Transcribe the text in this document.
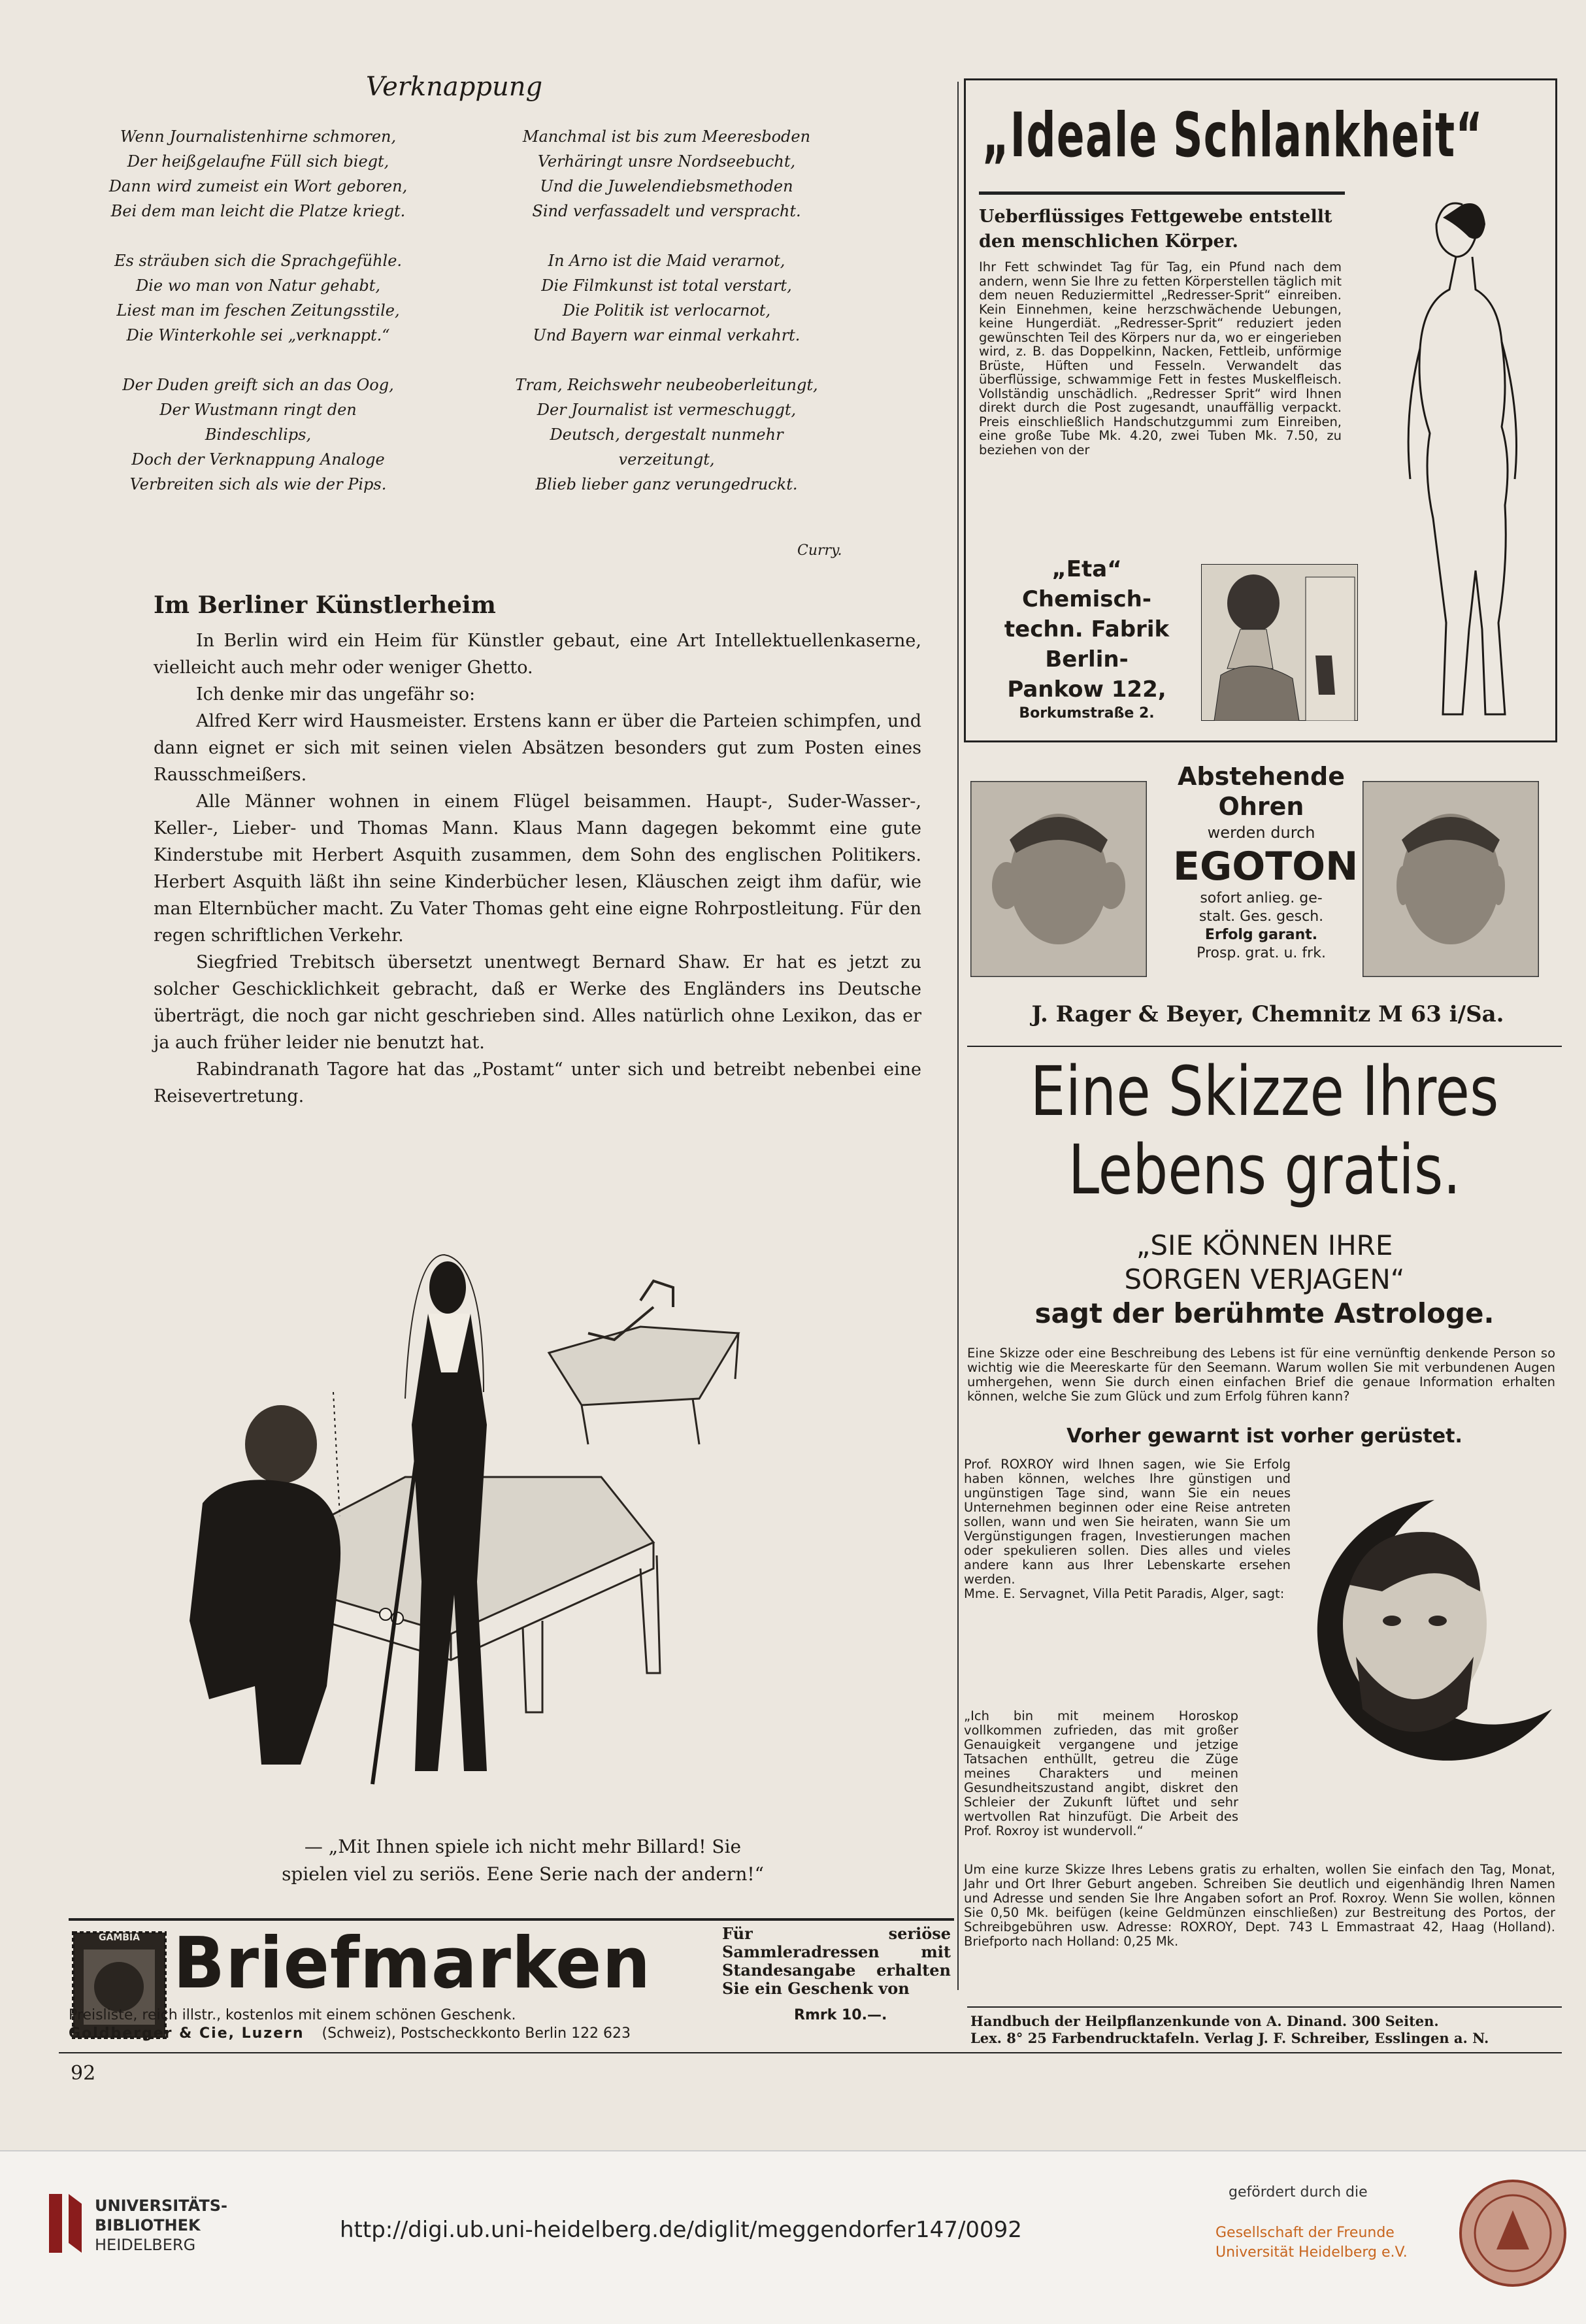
Verknappung
Wenn Journalistenhirne schmoren,
Der heißgelaufne Füll sich biegt,
Dann wird zumeist ein Wort geboren,
Bei dem man leicht die Platze kriegt.
Es sträuben sich die Sprachgefühle.
Die wo man von Natur gehabt,
Liest man im feschen Zeitungsstile,
Die Winterkohle sei „verknappt.“
Der Duden greift sich an das Oog,
Der Wustmann ringt den
Bindeschlips,
Doch der Verknappung Analoge
Verbreiten sich als wie der Pips.
Manchmal ist bis zum Meeresboden
Verhäringt unsre Nordseebucht,
Und die Juwelendiebsmethoden
Sind verfassadelt und verspracht.
In Arno ist die Maid verarnot,
Die Filmkunst ist total verstart,
Die Politik ist verlocarnot,
Und Bayern war einmal verkahrt.
Tram, Reichswehr neubeoberleitungt,
Der Journalist ist vermeschuggt,
Deutsch, dergestalt nunmehr
verzeitungt,
Blieb lieber ganz verungedruckt.
Curry.
Im Berliner Künstlerheim

In Berlin wird ein Heim für Künstler gebaut, eine Art Intellektuellenkaserne, vielleicht auch mehr oder weniger Ghetto.

Ich denke mir das ungefähr so:

Alfred Kerr wird Hausmeister. Erstens kann er über die Parteien schimpfen, und dann eignet er sich mit seinen vielen Absätzen besonders gut zum Posten eines Rausschmeißers.

Alle Männer wohnen in einem Flügel beisammen. Haupt-, Suder-Wasser-, Keller-, Lieber- und Thomas Mann. Klaus Mann dagegen bekommt eine gute Kinderstube mit Herbert Asquith zusammen, dem Sohn des englischen Politikers. Herbert Asquith läßt ihn seine Kinderbücher lesen, Kläuschen zeigt ihm dafür, wie man Elternbücher macht. Zu Vater Thomas geht eine eigne Rohrpostleitung. Für den regen schriftlichen Verkehr.

Siegfried Trebitsch übersetzt unentwegt Bernard Shaw. Er hat es jetzt zu solcher Geschicklichkeit gebracht, daß er Werke des Engländers ins Deutsche überträgt, die noch gar nicht geschrieben sind. Alles natürlich ohne Lexikon, das er ja auch früher leider nie benutzt hat.

Rabindranath Tagore hat das „Postamt“ unter sich und betreibt nebenbei eine Reisevertretung.

— „Mit Ihnen spiele ich nicht mehr Billard! Sie
spielen viel zu seriös. Eene Serie nach der andern!“
„Ideale Schlankheit“
Ueberflüssiges Fettgewebe entstellt den menschlichen Körper.
Ihr Fett schwindet Tag für Tag, ein Pfund nach dem andern, wenn Sie Ihre zu fetten Körperstellen täglich mit dem neuen Reduziermittel „Redresser-Sprit“ einreiben. Kein Einnehmen, keine herzschwächende Uebungen, keine Hungerdiät. „Redresser-Sprit“ reduziert jeden gewünschten Teil des Körpers nur da, wo er eingerieben wird, z. B. das Doppelkinn, Nacken, Fettleib, unförmige Brüste, Hüften und Fesseln. Verwandelt das überflüssige, schwammige Fett in festes Muskelfleisch. Vollständig unschädlich. „Redresser Sprit“ wird Ihnen direkt durch die Post zugesandt, unauffällig verpackt. Preis einschließlich Handschutzgummi zum Einreiben, eine große Tube Mk. 4.20, zwei Tuben Mk. 7.50, zu beziehen von der
„Eta“
Chemisch-
techn. Fabrik
Berlin-
Pankow 122,
Borkumstraße 2.
Abstehende
Ohren
werden durch
EGOTON
sofort anlieg. ge-
stalt. Ges. gesch.
Erfolg garant.
Prosp. grat. u. frk.
J. Rager & Beyer, Chemnitz M 63 i/Sa.
Eine Skizze Ihres
Lebens gratis.
„SIE KÖNNEN IHRE
SORGEN VERJAGEN“
sagt der berühmte Astrologe.
Eine Skizze oder eine Beschreibung des Lebens ist für eine vernünftig denkende Person so wichtig wie die Meereskarte für den Seemann. Warum wollen Sie mit verbundenen Augen umhergehen, wenn Sie durch einen einfachen Brief die genaue Information erhalten können, welche Sie zum Glück und zum Erfolg führen kann?
Vorher gewarnt ist vorher gerüstet.
Prof. ROXROY wird Ihnen sagen, wie Sie Erfolg haben können, welches Ihre günstigen und ungünstigen Tage sind, wann Sie ein neues Unternehmen beginnen oder eine Reise antreten sollen, wann und wen Sie heiraten, wann Sie um Vergünstigungen fragen, Investierungen machen oder spekulieren sollen. Dies alles und vieles andere kann aus Ihrer Lebenskarte ersehen werden.
Mme. E. Servagnet, Villa Petit Paradis, Alger, sagt:
„Ich bin mit meinem Horoskop vollkommen zufrieden, das mit großer Genauigkeit vergangene und jetzige Tatsachen enthüllt, getreu die Züge meines Charakters und meinen Gesundheitszustand angibt, diskret den Schleier der Zukunft lüftet und sehr wertvollen Rat hinzufügt. Die Arbeit des Prof. Roxroy ist wundervoll.“
Um eine kurze Skizze Ihres Lebens gratis zu erhalten, wollen Sie einfach den Tag, Monat, Jahr und Ort Ihrer Geburt angeben. Schreiben Sie deutlich und eigenhändig Ihren Namen und Adresse und senden Sie Ihre Angaben sofort an Prof. Roxroy. Wenn Sie wollen, können Sie 0,50 Mk. beifügen (keine Geldmünzen einschließen) zur Bestreitung des Portos, der Schreibgebühren usw. Adresse: ROXROY, Dept. 743 L Emmastraat 42, Haag (Holland). Briefporto nach Holland: 0,25 Mk.
Handbuch der Heilpflanzenkunde von A. Dinand. 300 Seiten.
Lex. 8° 25 Farbendrucktafeln. Verlag J. F. Schreiber, Esslingen a. N.
GAMBIA Briefmarken	Für seriöse Sammleradressen mit Standesangabe erhalten Sie ein Geschenk von
Preisliste, reich illstr., kostenlos mit einem schönen Geschenk.	Rmrk 10.—.
Goldberger & Cie, Luzern (Schweiz), Postscheckkonto Berlin 122 623
92
UNIVERSITÄTS-
BIBLIOTHEK
HEIDELBERG
http://digi.ub.uni-heidelberg.de/diglit/meggendorfer147/0092
gefördert durch die
Gesellschaft der Freunde
Universität Heidelberg e.V.
